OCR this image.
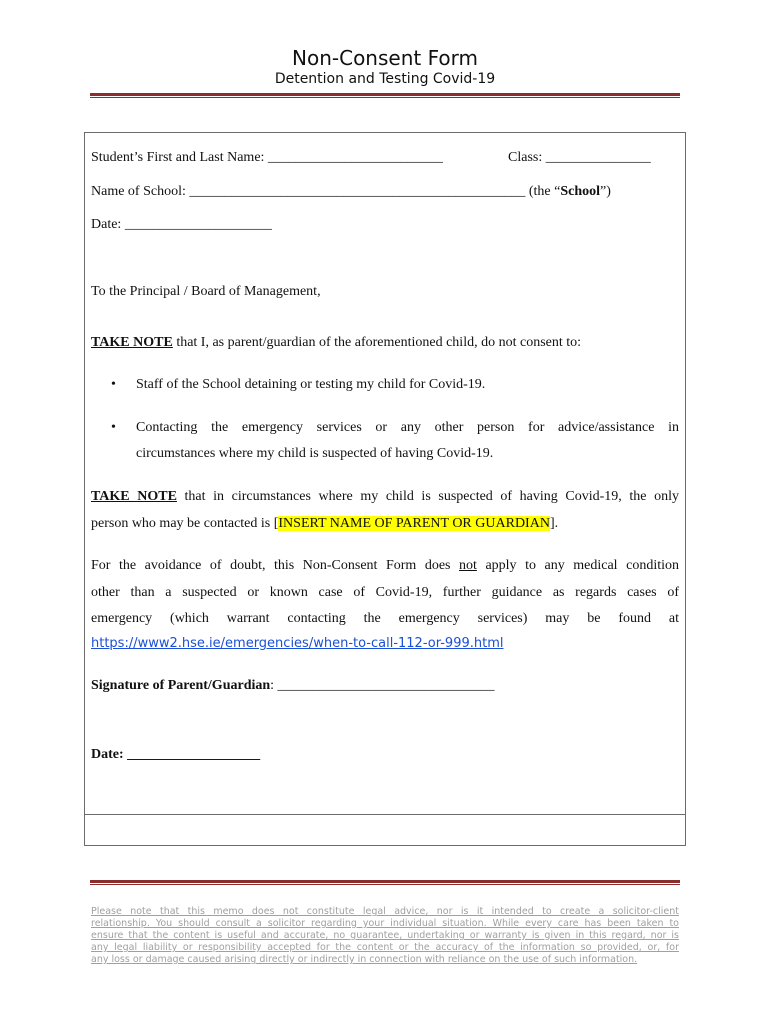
Non-Consent Form
Detention and Testing Covid-19
Student’s First and Last Name: _________________________	Class: _______________
Name of School: ________________________________________________ (the “School”)
Date: _____________________
To the Principal / Board of Management,
TAKE NOTE that I, as parent/guardian of the aforementioned child, do not consent to:
• Staff of the School detaining or testing my child for Covid-19.
• Contacting the emergency services or any other person for advice/assistance in
circumstances where my child is suspected of having Covid-19.
TAKE NOTE that in circumstances where my child is suspected of having Covid-19, the only
person who may be contacted is [INSERT NAME OF PARENT OR GUARDIAN].
For the avoidance of doubt, this Non-Consent Form does not apply to any medical condition
other than a suspected or known case of Covid-19, further guidance as regards cases of
emergency (which warrant contacting the emergency services) may be found at
https://www2.hse.ie/emergencies/when-to-call-112-or-999.html
Signature of Parent/Guardian: _______________________________
Date: ___________________
Please note that this memo does not constitute legal advice, nor is it intended to create a solicitor-client
relationship. You should consult a solicitor regarding your individual situation. While every care has been taken to
ensure that the content is useful and accurate, no guarantee, undertaking or warranty is given in this regard, nor is
any legal liability or responsibility accepted for the content or the accuracy of the information so provided, or, for
any loss or damage caused arising directly or indirectly in connection with reliance on the use of such information.
